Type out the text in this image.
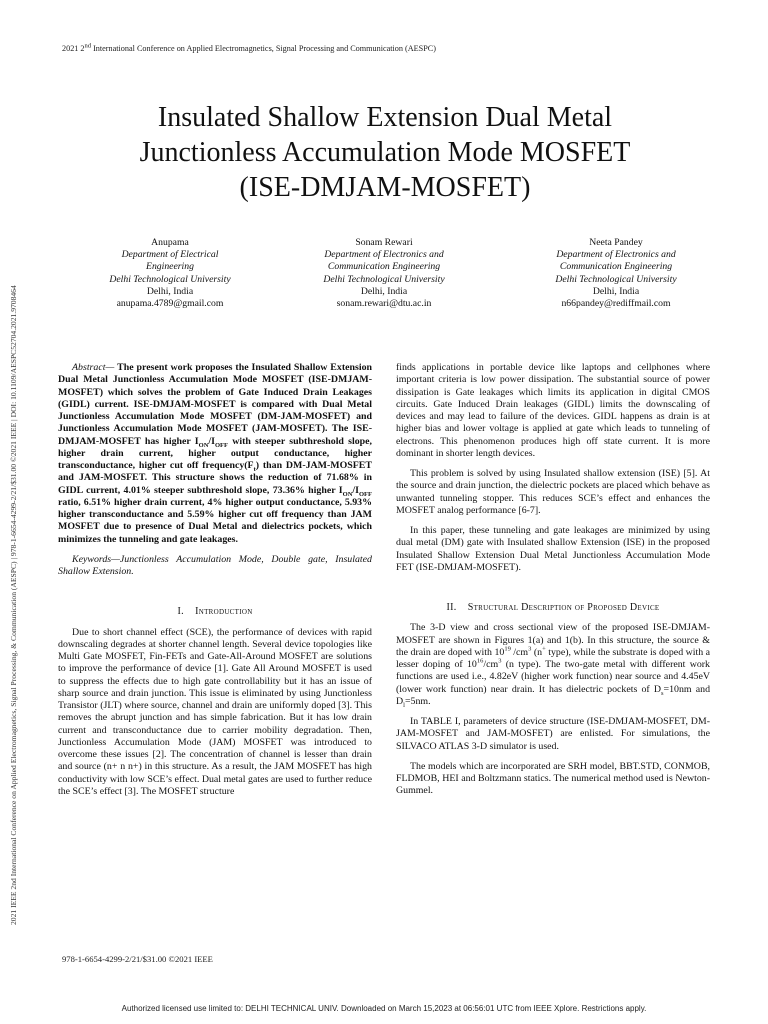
2021 2nd International Conference on Applied Electromagnetics, Signal Processing and Communication (AESPC)
2021 IEEE 2nd International Conference on Applied Electromagnetics, Signal Processing, & Communication (AESPC) | 978-1-6654-4299-2/21/$31.00 ©2021 IEEE | DOI: 10.1109/AESPC52704.2021.9708464
Insulated Shallow Extension Dual Metal
Junctionless Accumulation Mode MOSFET
(ISE-DMJAM-MOSFET)
Anupama
Department of Electrical
Engineering
Delhi Technological University
Delhi, India
anupama.4789@gmail.com
Sonam Rewari
Department of Electronics and
Communication Engineering
Delhi Technological University
Delhi, India
sonam.rewari@dtu.ac.in
Neeta Pandey
Department of Electronics and
Communication Engineering
Delhi Technological University
Delhi, India
n66pandey@rediffmail.com

Abstract— The present work proposes the Insulated Shallow Extension Dual Metal Junctionless Accumulation Mode MOSFET (ISE-DMJAM-MOSFET) which solves the problem of Gate Induced Drain Leakages (GIDL) current. ISE-DMJAM-MOSFET is compared with Dual Metal Junctionless Accumulation Mode MOSFET (DM-JAM-MOSFET) and Junctionless Accumulation Mode MOSFET (JAM-MOSFET). The ISE-DMJAM-MOSFET has higher $I_{ON}/I_{OFF}$ with steeper subthreshold slope, higher drain current, higher output conductance, higher transconductance, higher cut off $frequency(F_t)$ than DM-JAM-MOSFET and JAM-MOSFET. This structure shows the reduction of 71.68% in GIDL current, 4.01% steeper subthreshold slope, 73.36% higher $I_{ON}/I_{OFF}$ ratio, 6.51% higher drain current, 4% higher output conductance, 5.93% higher transconductance and 5.59% higher cut off frequency than JAM MOSFET due to presence of Dual Metal and dielectrics pockets, which minimizes the tunneling and gate leakages.

Keywords—Junctionless Accumulation Mode, Double gate, Insulated Shallow Extension.

I. Introduction

Due to short channel effect (SCE), the performance of devices with rapid downscaling degrades at shorter channel length. Several device topologies like Multi Gate MOSFET, Fin-FETs and Gate-All-Around MOSFET are solutions to improve the performance of device [1]. Gate All Around MOSFET is used to suppress the effects due to high gate controllability but it has an issue of sharp source and drain junction. This issue is eliminated by using Junctionless Transistor (JLT) where source, channel and drain are uniformly doped [3]. This removes the abrupt junction and has simple fabrication. But it has low drain current and transconductance due to carrier mobility degradation. Then, Junctionless Accumulation Mode (JAM) MOSFET was introduced to overcome these issues [2]. The concentration of channel is lesser than drain and source (n+ n n+) in this structure. As a result, the JAM MOSFET has high conductivity with low SCE’s effect. Dual metal gates are used to further reduce the SCE’s effect [3]. The MOSFET structure

finds applications in portable device like laptops and cellphones where important criteria is low power dissipation. The substantial source of power dissipation is Gate leakages which limits its application in digital CMOS circuits. Gate Induced Drain leakages (GIDL) limits the downscaling of devices and may lead to failure of the devices. GIDL happens as drain is at higher bias and lower voltage is applied at gate which leads to tunneling of electrons. This phenomenon produces high off state current. It is more dominant in shorter length devices.

This problem is solved by using Insulated shallow extension (ISE) [5]. At the source and drain junction, the dielectric pockets are placed which behave as unwanted tunneling stopper. This reduces SCE’s effect and enhances the MOSFET analog performance [6-7].

In this paper, these tunneling and gate leakages are minimized by using dual metal (DM) gate with Insulated shallow Extension (ISE) in the proposed Insulated Shallow Extension Dual Metal Junctionless Accumulation Mode FET (ISE-DMJAM-MOSFET).

II. Structural Description of Proposed Device

The 3-D view and cross sectional view of the proposed ISE-DMJAM-MOSFET are shown in Figures 1(a) and 1(b). In this structure, the source & the drain are doped with $10^{19}$ $/cm^3$ (n+ type), while the substrate is doped with a lesser doping of $10^{16}/cm^3$ (n type). The two-gate metal with different work functions are used i.e., 4.82eV (higher work function) near source and 4.45eV (lower work function) near drain. It has dielectric pockets of $D_s=10nm$ and $D_l=5nm$.

In TABLE I, parameters of device structure (ISE-DMJAM-MOSFET, DM-JAM-MOSFET and JAM-MOSFET) are enlisted. For simulations, the SILVACO ATLAS 3-D simulator is used.

The models which are incorporated are SRH model, BBT.STD, CONMOB, FLDMOB, HEI and Boltzmann statics. The numerical method used is Newton-Gummel.

978-1-6654-4299-2/21/$31.00 ©2021 IEEE
Authorized licensed use limited to: DELHI TECHNICAL UNIV. Downloaded on March 15,2023 at 06:56:01 UTC from IEEE Xplore. Restrictions apply.
